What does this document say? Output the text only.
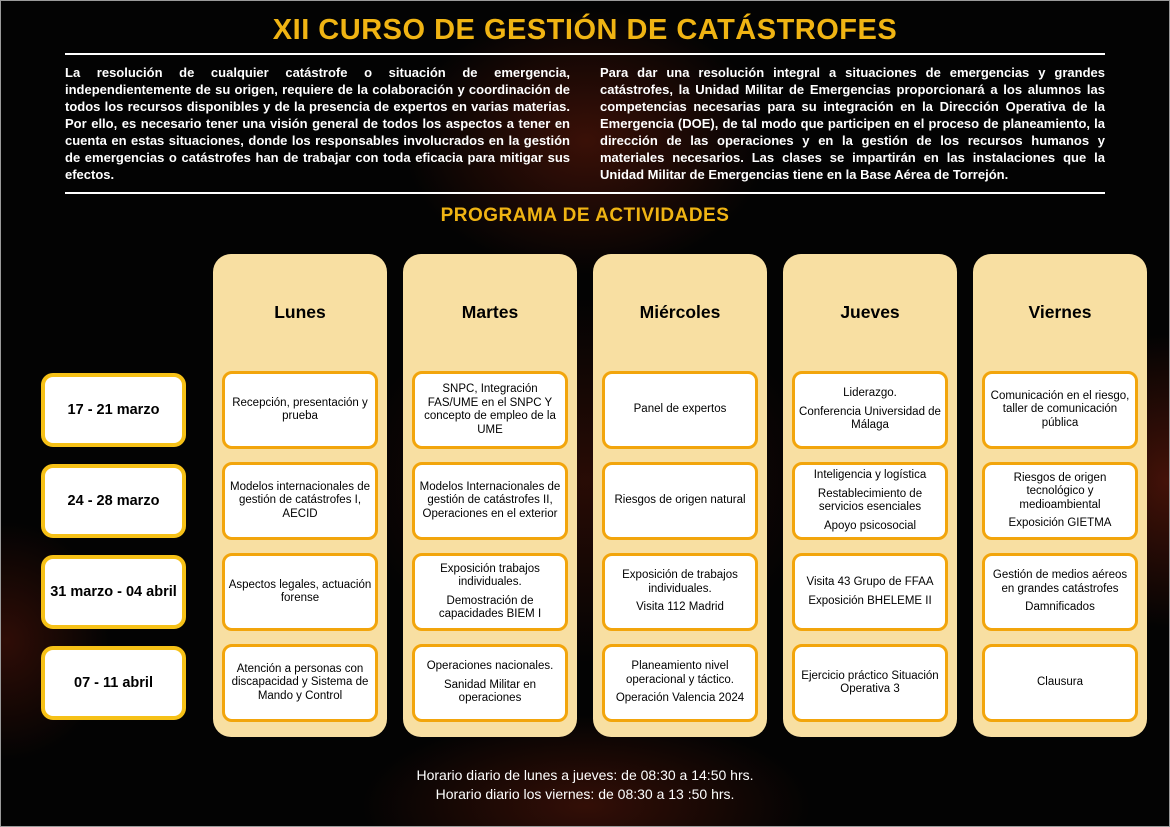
XII CURSO DE GESTIÓN DE CATÁSTROFES

La resolución de cualquier catástrofe o situación de emergencia, independientemente de su origen, requiere de la colaboración y coordinación de todos los recursos disponibles y de la presencia de expertos en varias materias. Por ello, es necesario tener una visión general de todos los aspectos a tener en cuenta en estas situaciones, donde los responsables involucrados en la gestión de emergencias o catástrofes han de trabajar con toda eficacia para mitigar sus efectos.

Para dar una resolución integral a situaciones de emergencias y grandes catástrofes, la Unidad Militar de Emergencias proporcionará a los alumnos las competencias necesarias para su integración en la Dirección Operativa de la Emergencia (DOE), de tal modo que participen en el proceso de planeamiento, la dirección de las operaciones y en la gestión de los recursos humanos y materiales necesarios. Las clases se impartirán en las instalaciones que la Unidad Militar de Emergencias tiene en la Base Aérea de Torrejón.

PROGRAMA DE ACTIVIDADES
17 - 21 marzo
24 - 28 marzo
31 marzo - 04 abril
07 - 11 abril
Lunes

Recepción, presentación y prueba

Modelos internacionales de gestión de catástrofes I, AECID

Aspectos legales, actuación forense

Atención a personas con discapacidad y Sistema de Mando y Control

Martes

SNPC, Integración FAS/UME en el SNPC Y concepto de empleo de la UME

Modelos Internacionales de gestión de catástrofes II, Operaciones en el exterior

Exposición trabajos individuales.

Demostración de capacidades BIEM I

Operaciones nacionales.

Sanidad Militar en operaciones

Miércoles

Panel de expertos

Riesgos de origen natural

Exposición de trabajos individuales.

Visita 112 Madrid

Planeamiento nivel operacional y táctico.

Operación Valencia 2024

Jueves

Liderazgo.

Conferencia Universidad de Málaga

Inteligencia y logística

Restablecimiento de servicios esenciales

Apoyo psicosocial

Visita 43 Grupo de FFAA

Exposición BHELEME II

Ejercicio práctico Situación Operativa 3

Viernes

Comunicación en el riesgo, taller de comunicación pública

Riesgos de origen tecnológico y medioambiental

Exposición GIETMA

Gestión de medios aéreos en grandes catástrofes

Damnificados

Clausura

Horario diario de lunes a jueves: de 08:30 a 14:50 hrs.
Horario diario los viernes: de 08:30 a 13 :50 hrs.
